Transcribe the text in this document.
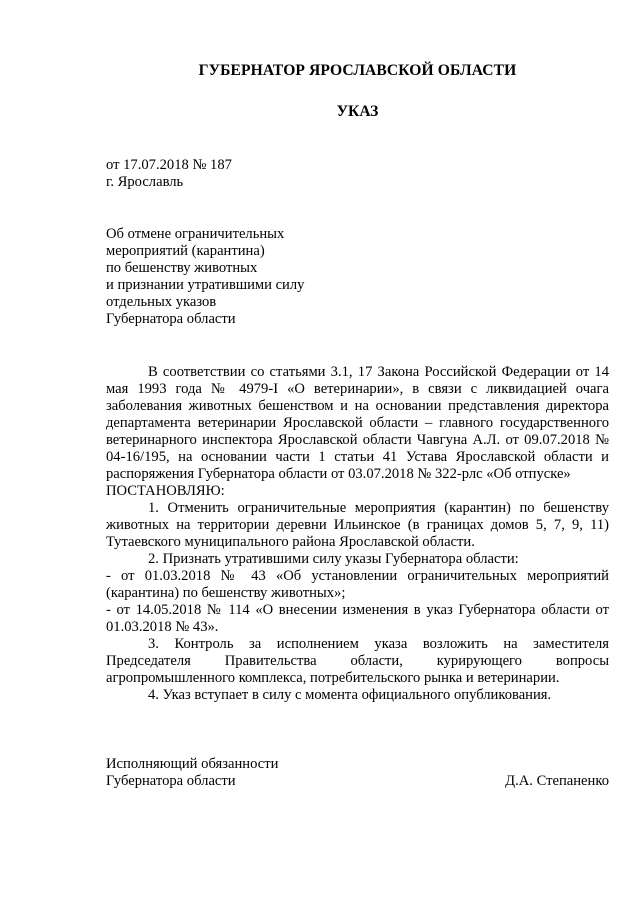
ГУБЕРНАТОР ЯРОСЛАВСКОЙ ОБЛАСТИ
УКАЗ
от 17.07.2018 № 187
г. Ярославль
Об отмене ограничительных
мероприятий (карантина)
по бешенству животных
и признании утратившими силу
отдельных указов
Губернатора области

В соответствии со статьями 3.1, 17 Закона Российской Федерации от 14 мая 1993 года № 4979-I «О ветеринарии», в связи с ликвидацией очага заболевания животных бешенством и на основании представления директора департамента ветеринарии Ярославской области – главного государственного ветеринарного инспектора Ярославской области Чавгуна А.Л. от 09.07.2018 № 04-16/195, на основании части 1 статьи 41 Устава Ярославской области и распоряжения Губернатора области от 03.07.2018 № 322-рлс «Об отпуске»

ПОСТАНОВЛЯЮ:

1. Отменить ограничительные мероприятия (карантин) по бешенству животных на территории деревни Ильинское (в границах домов 5, 7, 9, 11) Тутаевского муниципального района Ярославской области.

2. Признать утратившими силу указы Губернатора области:

- от 01.03.2018 № 43 «Об установлении ограничительных мероприятий (карантина) по бешенству животных»;

- от 14.05.2018 № 114 «О внесении изменения в указ Губернатора области от 01.03.2018 № 43».

3. Контроль за исполнением указа возложить на заместителя Председателя Правительства области, курирующего вопросы агропромышленного комплекса, потребительского рынка и ветеринарии.

4. Указ вступает в силу с момента официального опубликования.

Исполняющий обязанности
Губернатора области	Д.А. Степаненко
